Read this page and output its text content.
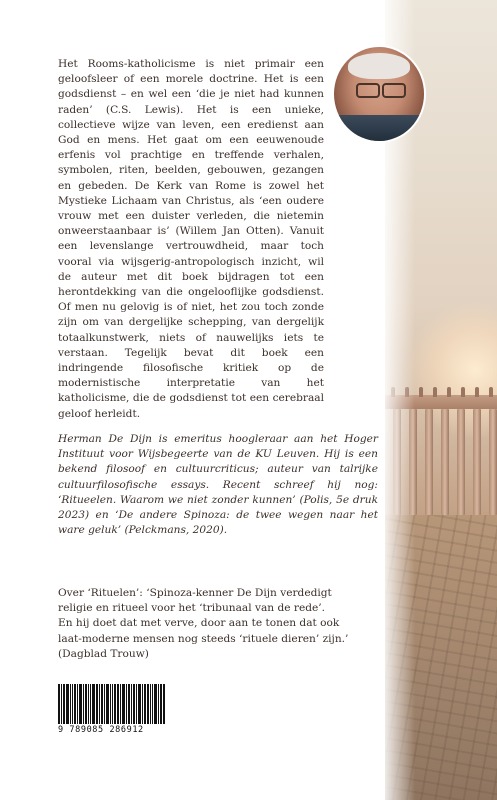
Het Rooms-katholicisme is niet primair een geloofsleer of een morele doctrine. Het is een godsdienst – en wel een ‘die je niet had kunnen raden’ (C.S. Lewis). Het is een unieke, collectieve wijze van leven, een eredienst aan God en mens. Het gaat om een eeuwenoude erfenis vol prachtige en treffende verhalen, symbolen, riten, beelden, gebouwen, gezangen en gebeden. De Kerk van Rome is zowel het Mystieke Lichaam van Christus, als ‘een oudere vrouw met een duister verleden, die nietemin onweerstaanbaar is’ (Willem Jan Otten). Vanuit een levenslange vertrouwdheid, maar toch vooral via wijsgerig-antropologisch inzicht, wil de auteur met dit boek bijdragen tot een herontdekking van die ongelooflijke godsdienst. Of men nu gelovig is of niet, het zou toch zonde zijn om van dergelijke schepping, van dergelijk totaalkunstwerk, niets of nauwelijks iets te verstaan. Tegelijk bevat dit boek een indringende filosofische kritiek op de modernistische interpretatie van het katholicisme, die de godsdienst tot een cerebraal geloof herleidt.

Herman De Dijn is emeritus hoogleraar aan het Hoger Instituut voor Wijsbegeerte van de KU Leuven. Hij is een bekend filosoof en cultuurcriticus; auteur van talrijke cultuurfilosofische essays. Recent schreef hij nog: ‘Ritueelen. Waarom we niet zonder kunnen’ (Polis, 5e druk 2023) en ‘De andere Spinoza: de twee wegen naar het ware geluk’ (Pelckmans, 2020).

Over ‘Rituelen’: ‘Spinoza-kenner De Dijn verdedigt
religie en ritueel voor het ‘tribunaal van de rede’.
En hij doet dat met verve, door aan te tonen dat ook
laat-moderne mensen nog steeds ‘rituele dieren’ zijn.’
(Dagblad Trouw)
9 789085 286912
